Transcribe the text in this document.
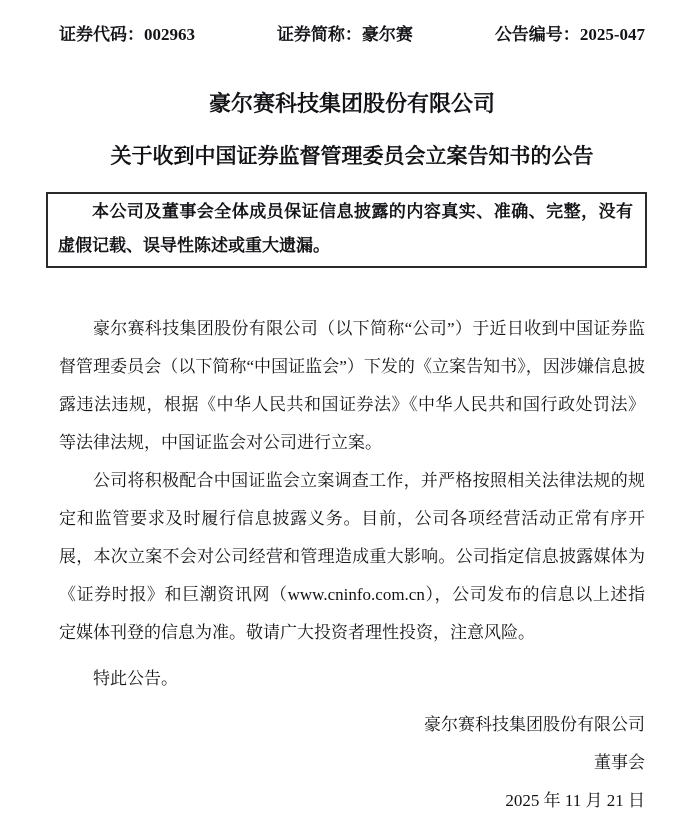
证券代码：002963	证券简称：豪尔赛	公告编号：2025-047
豪尔赛科技集团股份有限公司
关于收到中国证券监督管理委员会立案告知书的公告
本公司及董事会全体成员保证信息披露的内容真实、准确、完整，没有虚假记载、误导性陈述或重大遗漏。

豪尔赛科技集团股份有限公司（以下简称“公司”）于近日收到中国证券监督管理委员会（以下简称“中国证监会”）下发的《立案告知书》，因涉嫌信息披露违法违规，根据《中华人民共和国证券法》《中华人民共和国行政处罚法》等法律法规，中国证监会对公司进行立案。

公司将积极配合中国证监会立案调查工作，并严格按照相关法律法规的规定和监管要求及时履行信息披露义务。目前，公司各项经营活动正常有序开展，本次立案不会对公司经营和管理造成重大影响。公司指定信息披露媒体为《证券时报》和巨潮资讯网（www.cninfo.com.cn），公司发布的信息以上述指定媒体刊登的信息为准。敬请广大投资者理性投资，注意风险。

特此公告。

豪尔赛科技集团股份有限公司
董事会
2025 年 11 月 21 日
